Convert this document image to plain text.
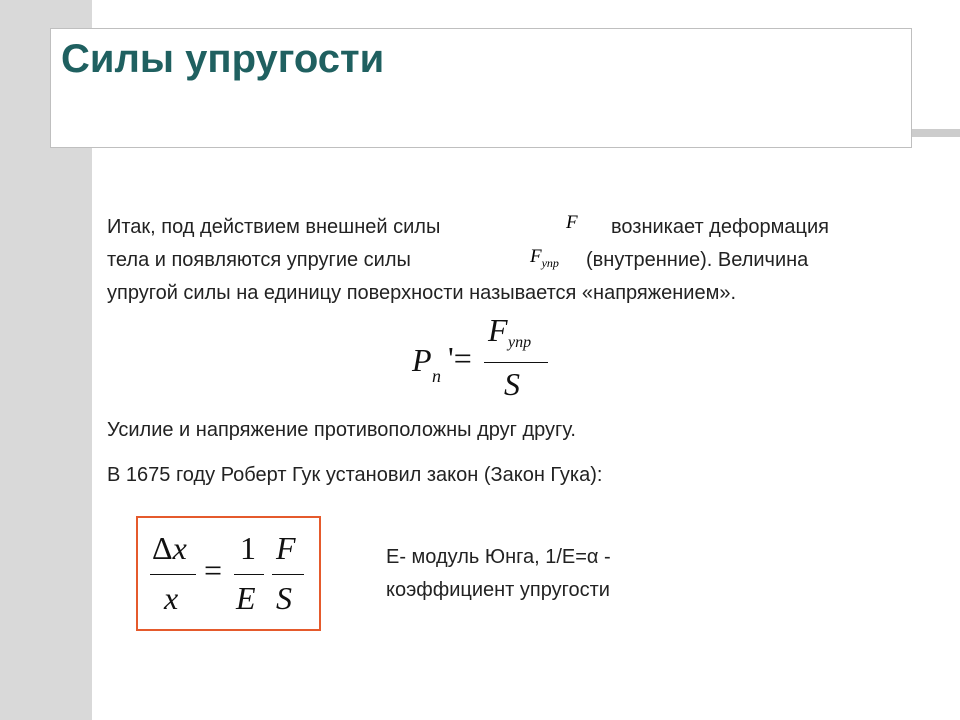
Силы упругости
Итак, под действием внешней силы	F возникает деформация
тела и появляются упругие силы	$F_{упр}$ (внутренние). Величина
упругой силы на единицу поверхности называется «напряжением».
P n '=
F упр
S
Усилие и напряжение противоположны друг другу.
В 1675 году Роберт Гук установил закон (Закон Гука):
Δx
x
=
1
E
F
S
Е- модуль Юнга, 1/Е=α -
коэффициент упругости
